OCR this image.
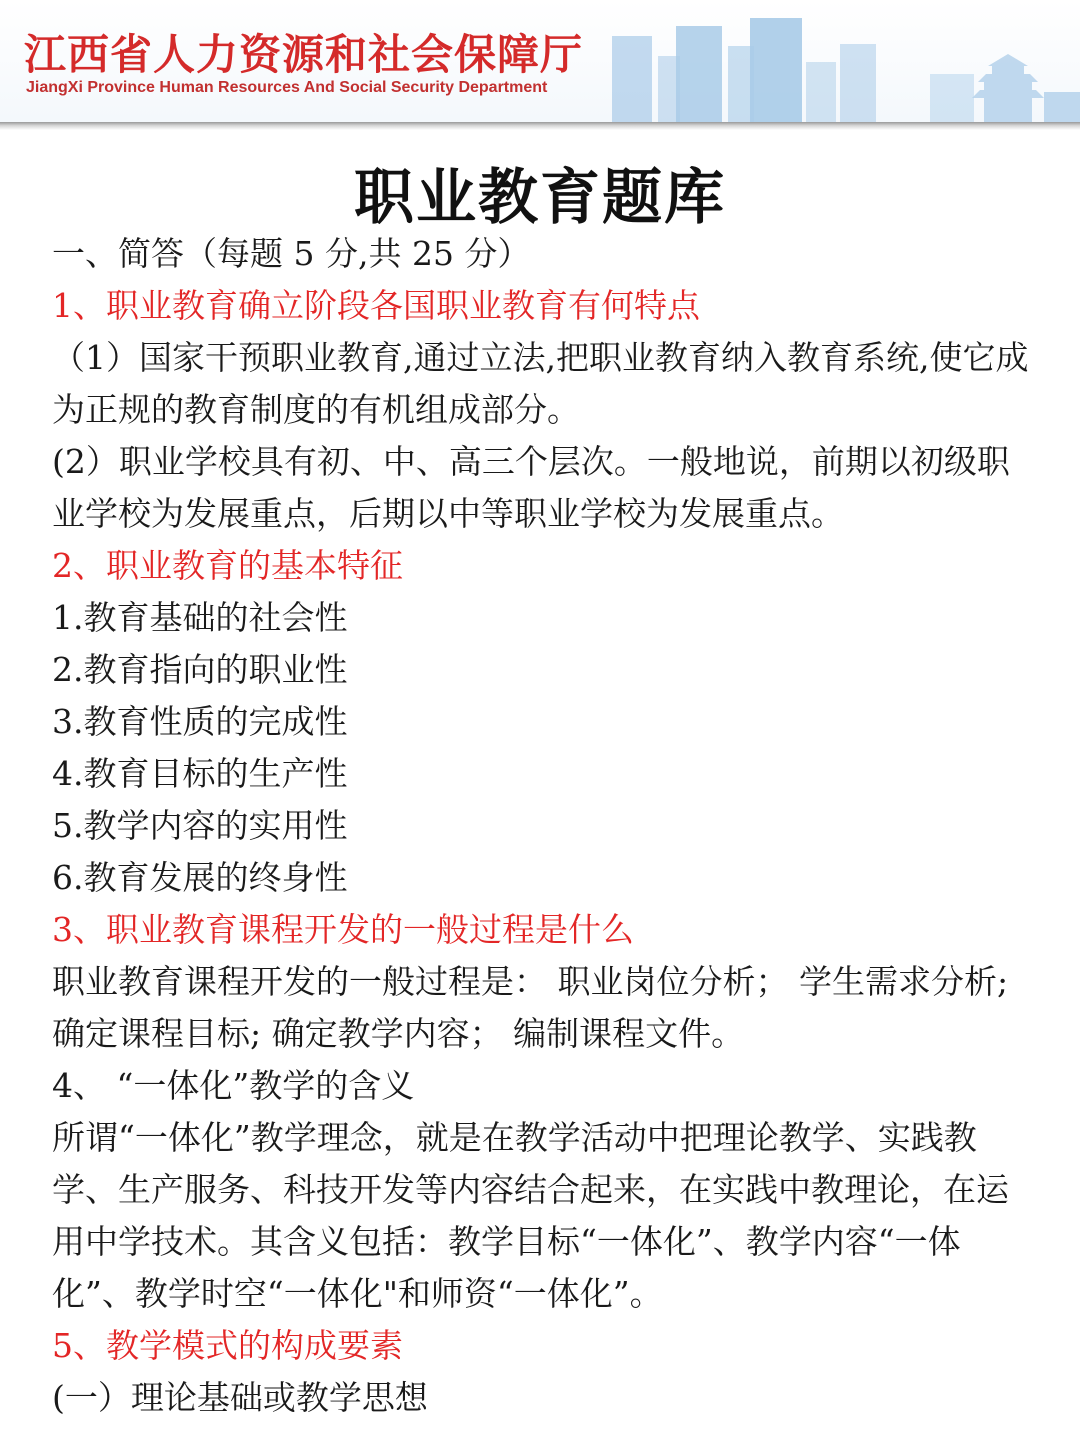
江西省人力资源和社会保障厅
JiangXi Province Human Resources And Social Security Department
职业教育题库

一、简答（每题 5 分,共 25 分）

1、职业教育确立阶段各国职业教育有何特点

（1）国家干预职业教育,通过立法,把职业教育纳入教育系统,使它成为正规的教育制度的有机组成部分。

(2）职业学校具有初、中、高三个层次。一般地说，前期以初级职业学校为发展重点，后期以中等职业学校为发展重点。

2、职业教育的基本特征

1.教育基础的社会性

2.教育指向的职业性

3.教育性质的完成性

4.教育目标的生产性

5.教学内容的实用性

6.教育发展的终身性

3、职业教育课程开发的一般过程是什么

职业教育课程开发的一般过程是： 职业岗位分析； 学生需求分析; 确定课程目标; 确定教学内容； 编制课程文件。

4、 “一体化”教学的含义

所谓“一体化”教学理念，就是在教学活动中把理论教学、实践教学、生产服务、科技开发等内容结合起来，在实践中教理论，在运用中学技术。其含义包括：教学目标“一体化”、教学内容“一体化”、教学时空“一体化"和师资“一体化”。

5、教学模式的构成要素

(一）理论基础或教学思想
